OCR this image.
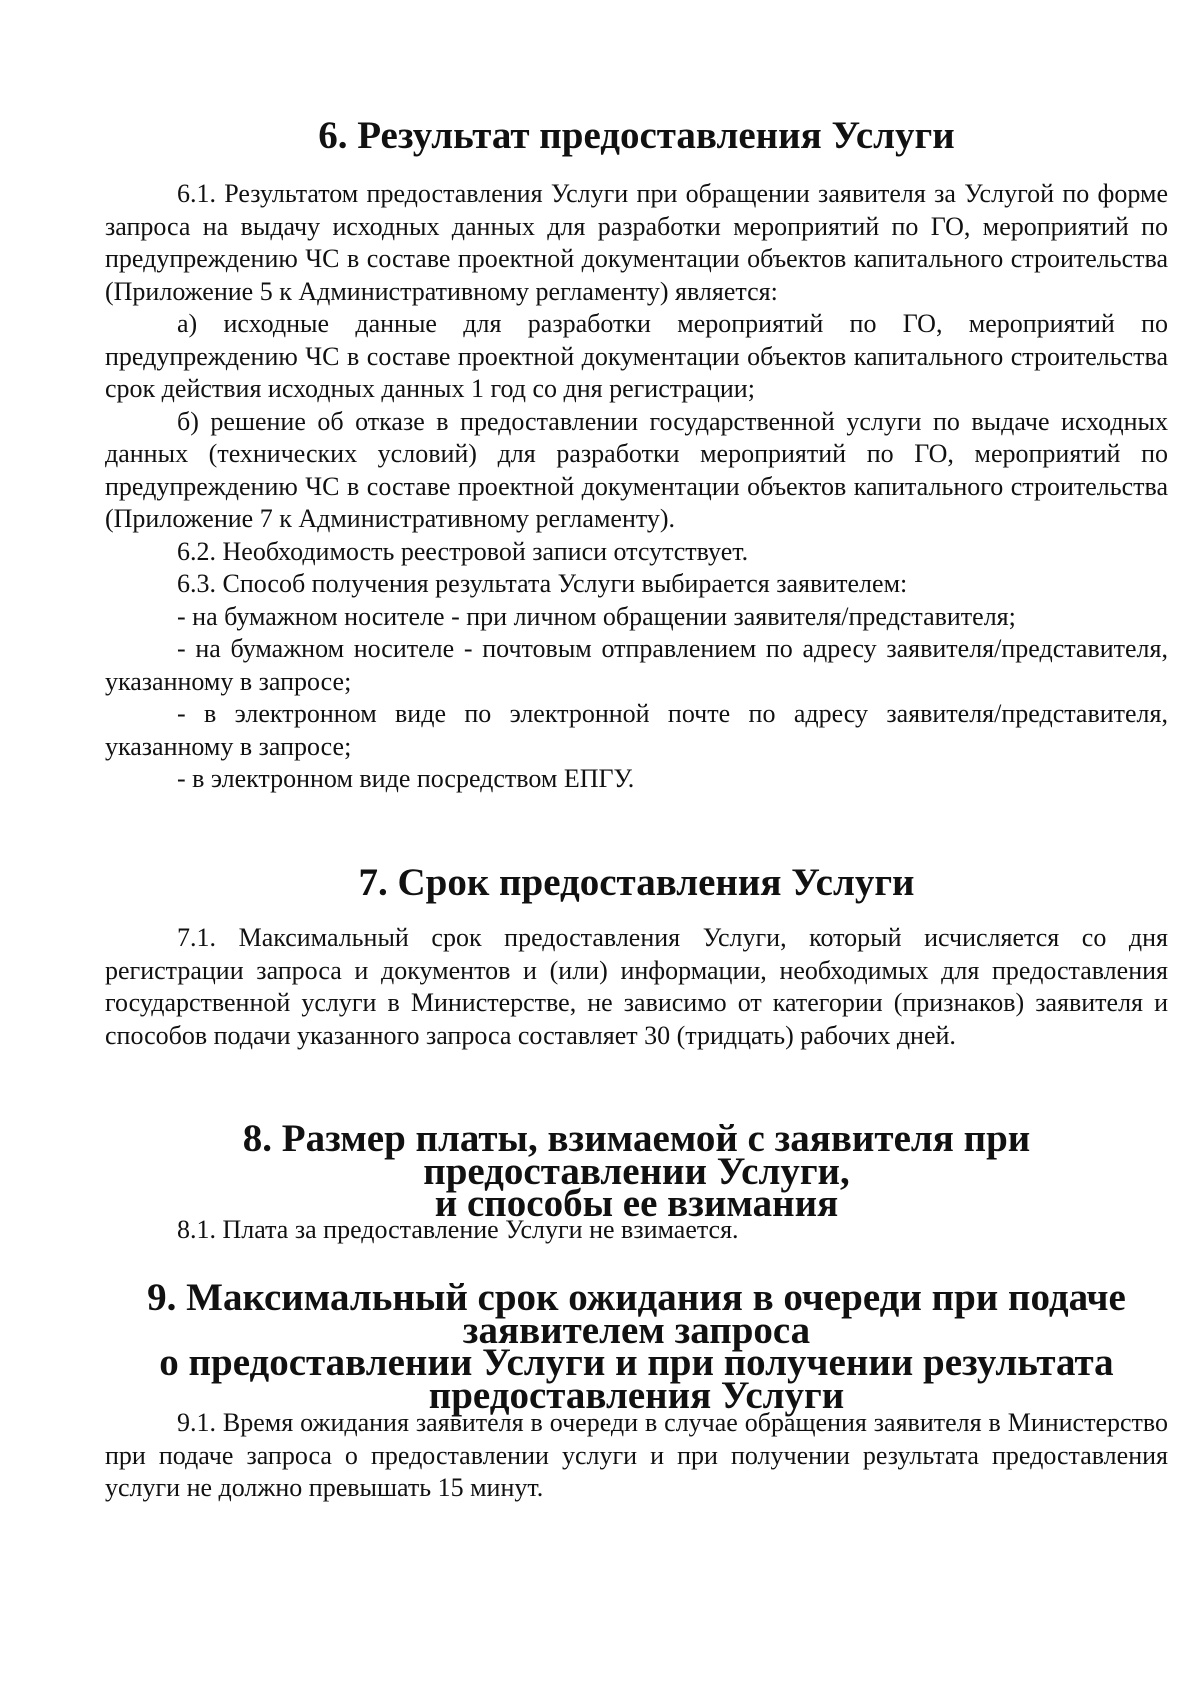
6. Результат предоставления Услуги

6.1. Результатом предоставления Услуги при обращении заявителя за Услугой по форме запроса на выдачу исходных данных для разработки мероприятий по ГО, мероприятий по предупреждению ЧС в составе проектной документации объектов капитального строительства (Приложение 5 к Административному регламенту) является:

а) исходные данные для разработки мероприятий по ГО, мероприятий по предупреждению ЧС в составе проектной документации объектов капитального строительства срок действия исходных данных 1 год со дня регистрации;

б) решение об отказе в предоставлении государственной услуги по выдаче исходных данных (технических условий) для разработки мероприятий по ГО, мероприятий по предупреждению ЧС в составе проектной документации объектов капитального строительства (Приложение 7 к Административному регламенту).

6.2. Необходимость реестровой записи отсутствует.

6.3. Способ получения результата Услуги выбирается заявителем:

- на бумажном носителе - при личном обращении заявителя/представителя;

- на бумажном носителе - почтовым отправлением по адресу заявителя/представителя, указанному в запросе;

- в электронном виде по электронной почте по адресу заявителя/представителя, указанному в запросе;

- в электронном виде посредством ЕПГУ.

7. Срок предоставления Услуги

7.1. Максимальный срок предоставления Услуги, который исчисляется со дня регистрации запроса и документов и (или) информации, необходимых для предоставления государственной услуги в Министерстве, не зависимо от категории (признаков) заявителя и способов подачи указанного запроса составляет 30 (тридцать) рабочих дней.

8. Размер платы, взимаемой с заявителя при предоставлении Услуги,
и способы ее взимания

8.1. Плата за предоставление Услуги не взимается.

9. Максимальный срок ожидания в очереди при подаче заявителем запроса
о предоставлении Услуги и при получении результата
предоставления Услуги

9.1. Время ожидания заявителя в очереди в случае обращения заявителя в Министерство при подаче запроса о предоставлении услуги и при получении результата предоставления услуги не должно превышать 15 минут.
